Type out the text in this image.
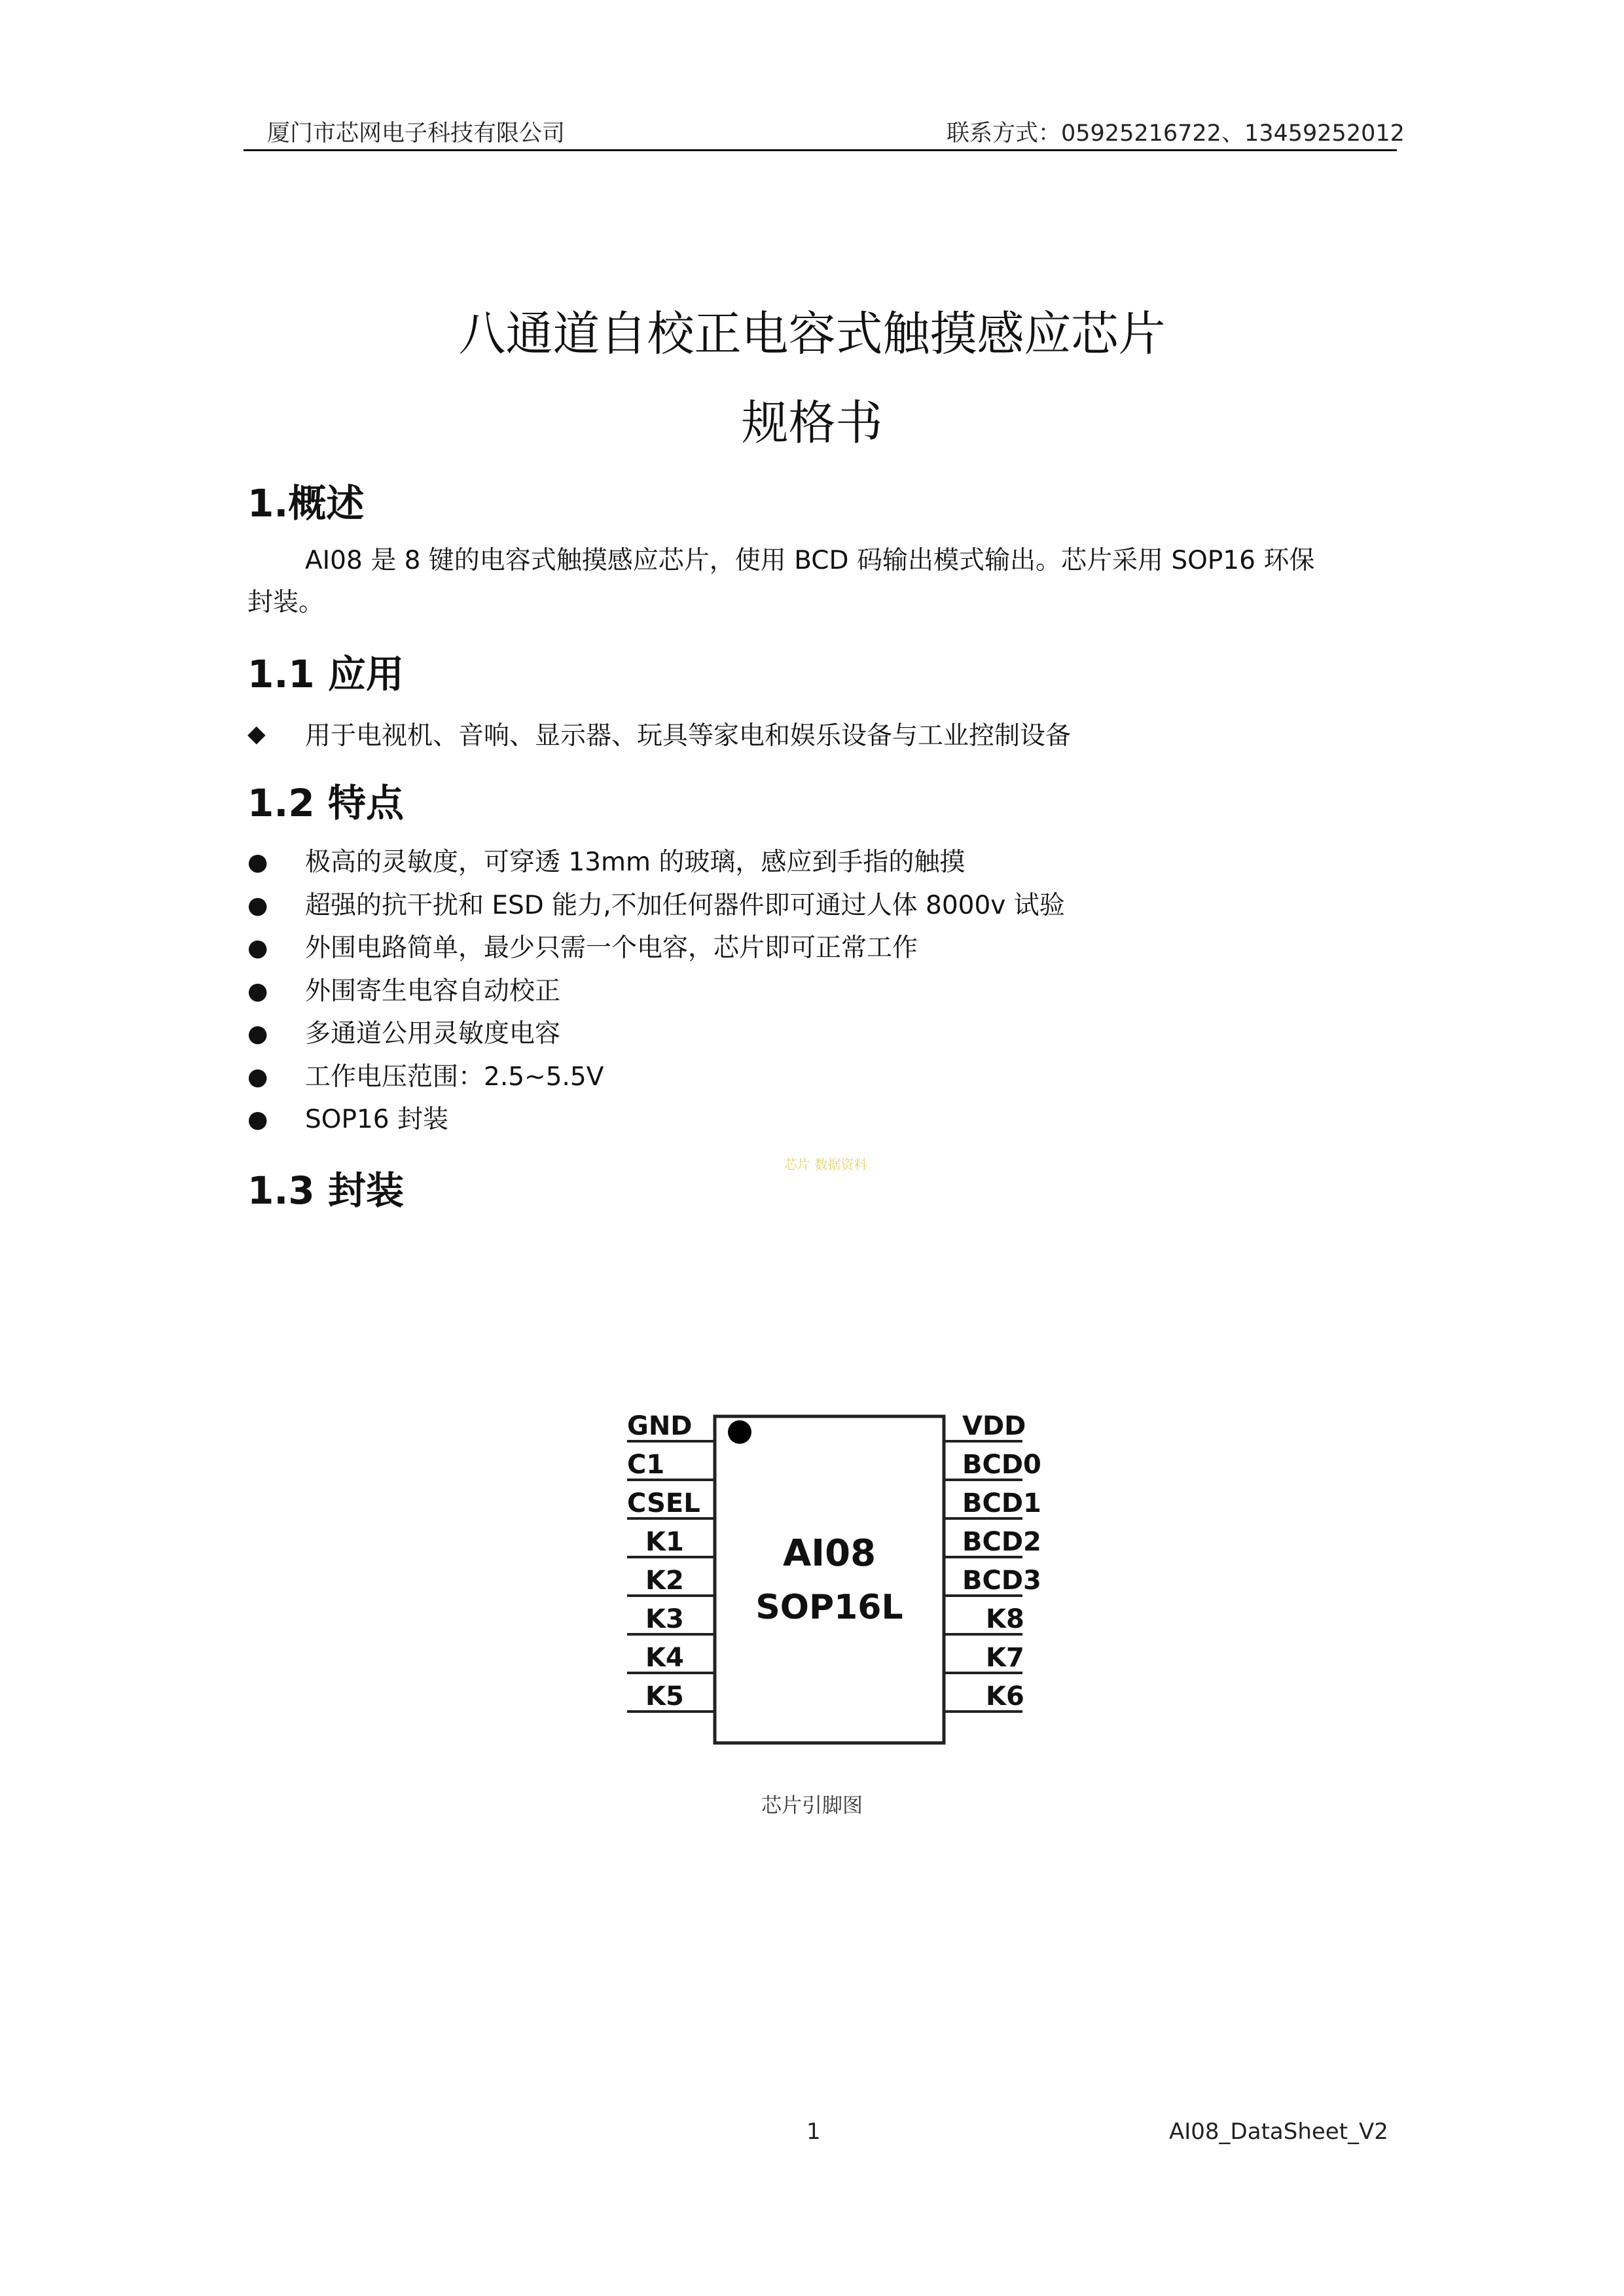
厦门市芯网电子科技有限公司	联系方式：05925216722、13459252012
八通道自校正电容式触摸感应芯片
规格书
1.概述
AI08 是 8 键的电容式触摸感应芯片，使用 BCD 码输出模式输出。芯片采用 SOP16 环保
封装。
1.1 应用
◆	用于电视机、音响、显示器、玩具等家电和娱乐设备与工业控制设备
1.2 特点
●	极高的灵敏度，可穿透 13mm 的玻璃，感应到手指的触摸
●	超强的抗干扰和 ESD 能力,不加任何器件即可通过人体 8000v 试验
●	外围电路简单，最少只需一个电容，芯片即可正常工作
●	外围寄生电容自动校正
●	多通道公用灵敏度电容
●	工作电压范围：2.5~5.5V
●	SOP16 封装
芯片 数据资料
1.3 封装
AI08
SOP16L
GND
C1
CSEL
K1
K2
K3
K4
K5
VDD
BCD0
BCD1
BCD2
BCD3
K8
K7
K6
芯片引脚图
1	AI08_DataSheet_V2
